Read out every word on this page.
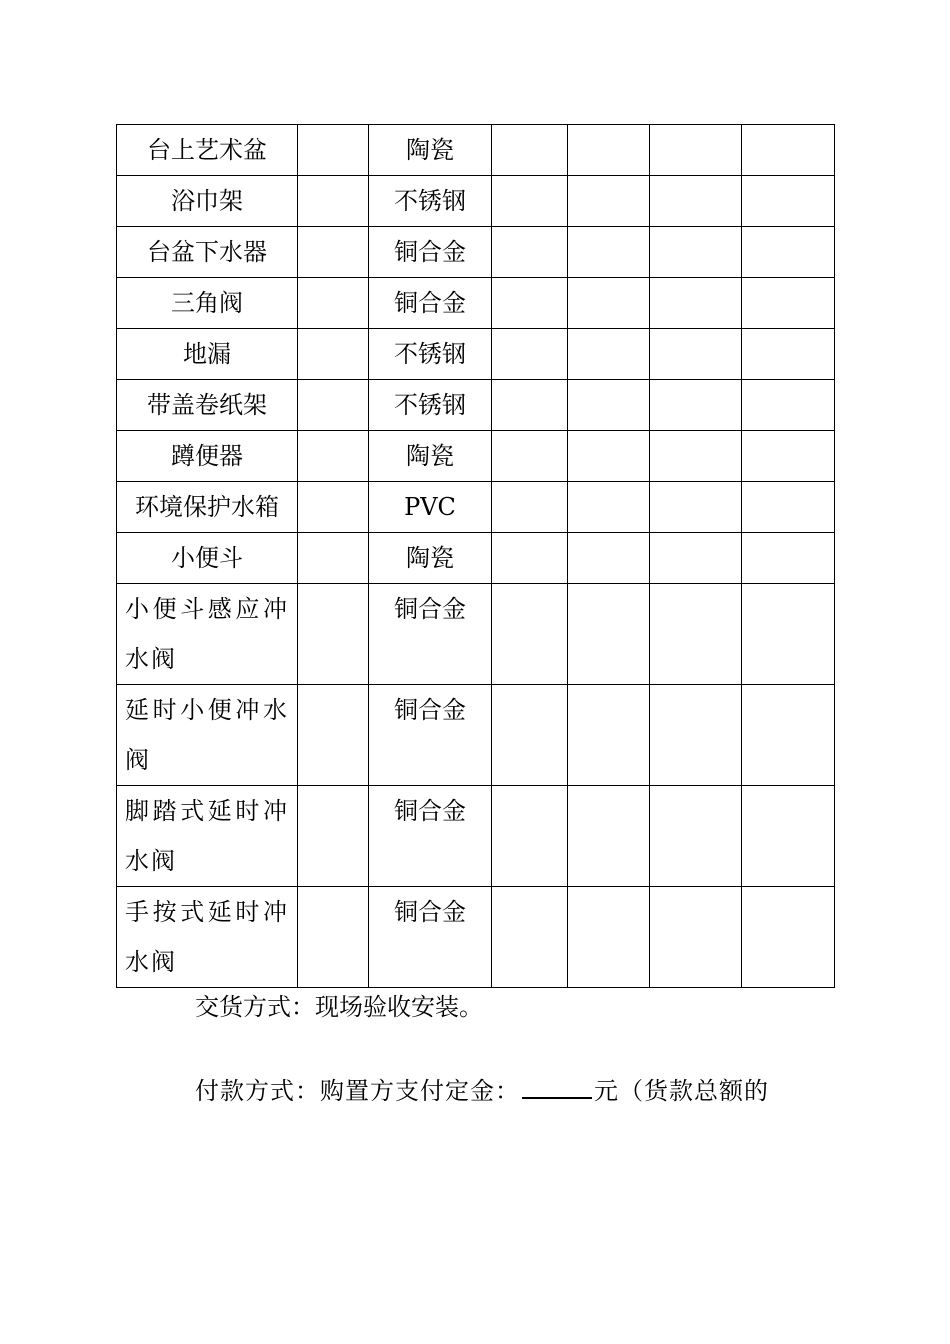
台上艺术盆		陶瓷				
浴巾架		不锈钢				
台盆下水器		铜合金				
三角阀		铜合金				
地漏		不锈钢				
带盖卷纸架		不锈钢				
蹲便器		陶瓷				
环境保护水箱		PVC				
小便斗		陶瓷				
小便斗感应冲水阀		铜合金				
延时小便冲水阀		铜合金				
脚踏式延时冲水阀		铜合金				
手按式延时冲水阀		铜合金				
交货方式：现场验收安装。
付款方式：购置方支付定金：	元（货款总额的
